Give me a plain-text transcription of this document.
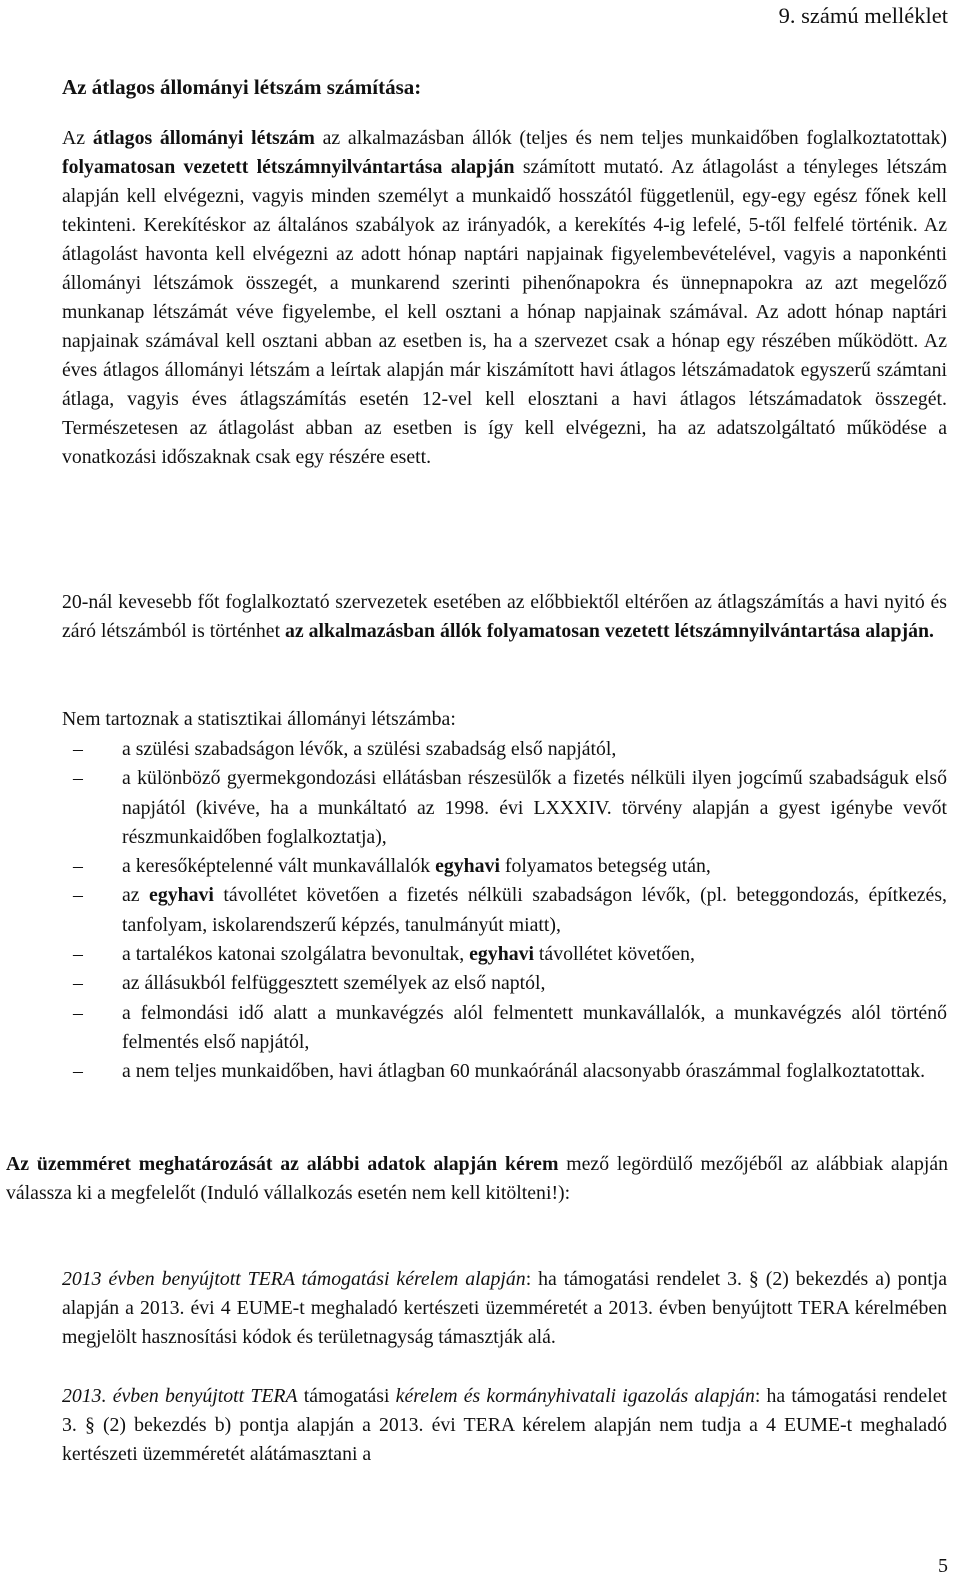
9. számú melléklet
Az átlagos állományi létszám számítása:

Az átlagos állományi létszám az alkalmazásban állók (teljes és nem teljes munkaidőben foglalkoztatottak) folyamatosan vezetett létszámnyilvántartása alapján számított mutató. Az átlagolást a tényleges létszám alapján kell elvégezni, vagyis minden személyt a munkaidő hosszától függetlenül, egy-egy egész főnek kell tekinteni. Kerekítéskor az általános szabályok az irányadók, a kerekítés 4-ig lefelé, 5-től felfelé történik. Az átlagolást havonta kell elvégezni az adott hónap naptári napjainak figyelembevételével, vagyis a naponkénti állományi létszámok összegét, a munkarend szerinti pihenőnapokra és ünnepnapokra az azt megelőző munkanap létszámát véve figyelembe, el kell osztani a hónap napjainak számával. Az adott hónap naptári napjainak számával kell osztani abban az esetben is, ha a szervezet csak a hónap egy részében működött. Az éves átlagos állományi létszám a leírtak alapján már kiszámított havi átlagos létszámadatok egyszerű számtani átlaga, vagyis éves átlagszámítás esetén 12-vel kell elosztani a havi átlagos létszámadatok összegét. Természetesen az átlagolást abban az esetben is így kell elvégezni, ha az adatszolgáltató működése a vonatkozási időszaknak csak egy részére esett.

20-nál kevesebb főt foglalkoztató szervezetek esetében az előbbiektől eltérően az átlagszámítás a havi nyitó és záró létszámból is történhet az alkalmazásban állók folyamatosan vezetett létszámnyilvántartása alapján.

Nem tartoznak a statisztikai állományi létszámba:

–	a szülési szabadságon lévők, a szülési szabadság első napjától,
–	a különböző gyermekgondozási ellátásban részesülők a fizetés nélküli ilyen jogcímű szabadságuk első napjától (kivéve, ha a munkáltató az 1998. évi LXXXIV. törvény alapján a gyest igénybe vevőt részmunkaidőben foglalkoztatja),
–	a keresőképtelenné vált munkavállalók egyhavi folyamatos betegség után,
–	az egyhavi távollétet követően a fizetés nélküli szabadságon lévők, (pl. beteggondozás, építkezés, tanfolyam, iskolarendszerű képzés, tanulmányút miatt),
–	a tartalékos katonai szolgálatra bevonultak, egyhavi távollétet követően,
–	az állásukból felfüggesztett személyek az első naptól,
–	a felmondási idő alatt a munkavégzés alól felmentett munkavállalók, a munkavégzés alól történő felmentés első napjától,
–	a nem teljes munkaidőben, havi átlagban 60 munkaóránál alacsonyabb óraszámmal foglalkoztatottak.

Az üzemméret meghatározását az alábbi adatok alapján kérem mező legördülő mezőjéből az alábbiak alapján válassza ki a megfelelőt (Induló vállalkozás esetén nem kell kitölteni!):

2013 évben benyújtott TERA támogatási kérelem alapján: ha támogatási rendelet 3. § (2) bekezdés a) pontja alapján a 2013. évi 4 EUME-t meghaladó kertészeti üzemméretét a 2013. évben benyújtott TERA kérelmében megjelölt hasznosítási kódok és területnagyság támasztják alá.

2013. évben benyújtott TERA támogatási kérelem és kormányhivatali igazolás alapján: ha támogatási rendelet 3. § (2) bekezdés b) pontja alapján a 2013. évi TERA kérelem alapján nem tudja a 4 EUME-t meghaladó kertészeti üzemméretét alátámasztani a

5
